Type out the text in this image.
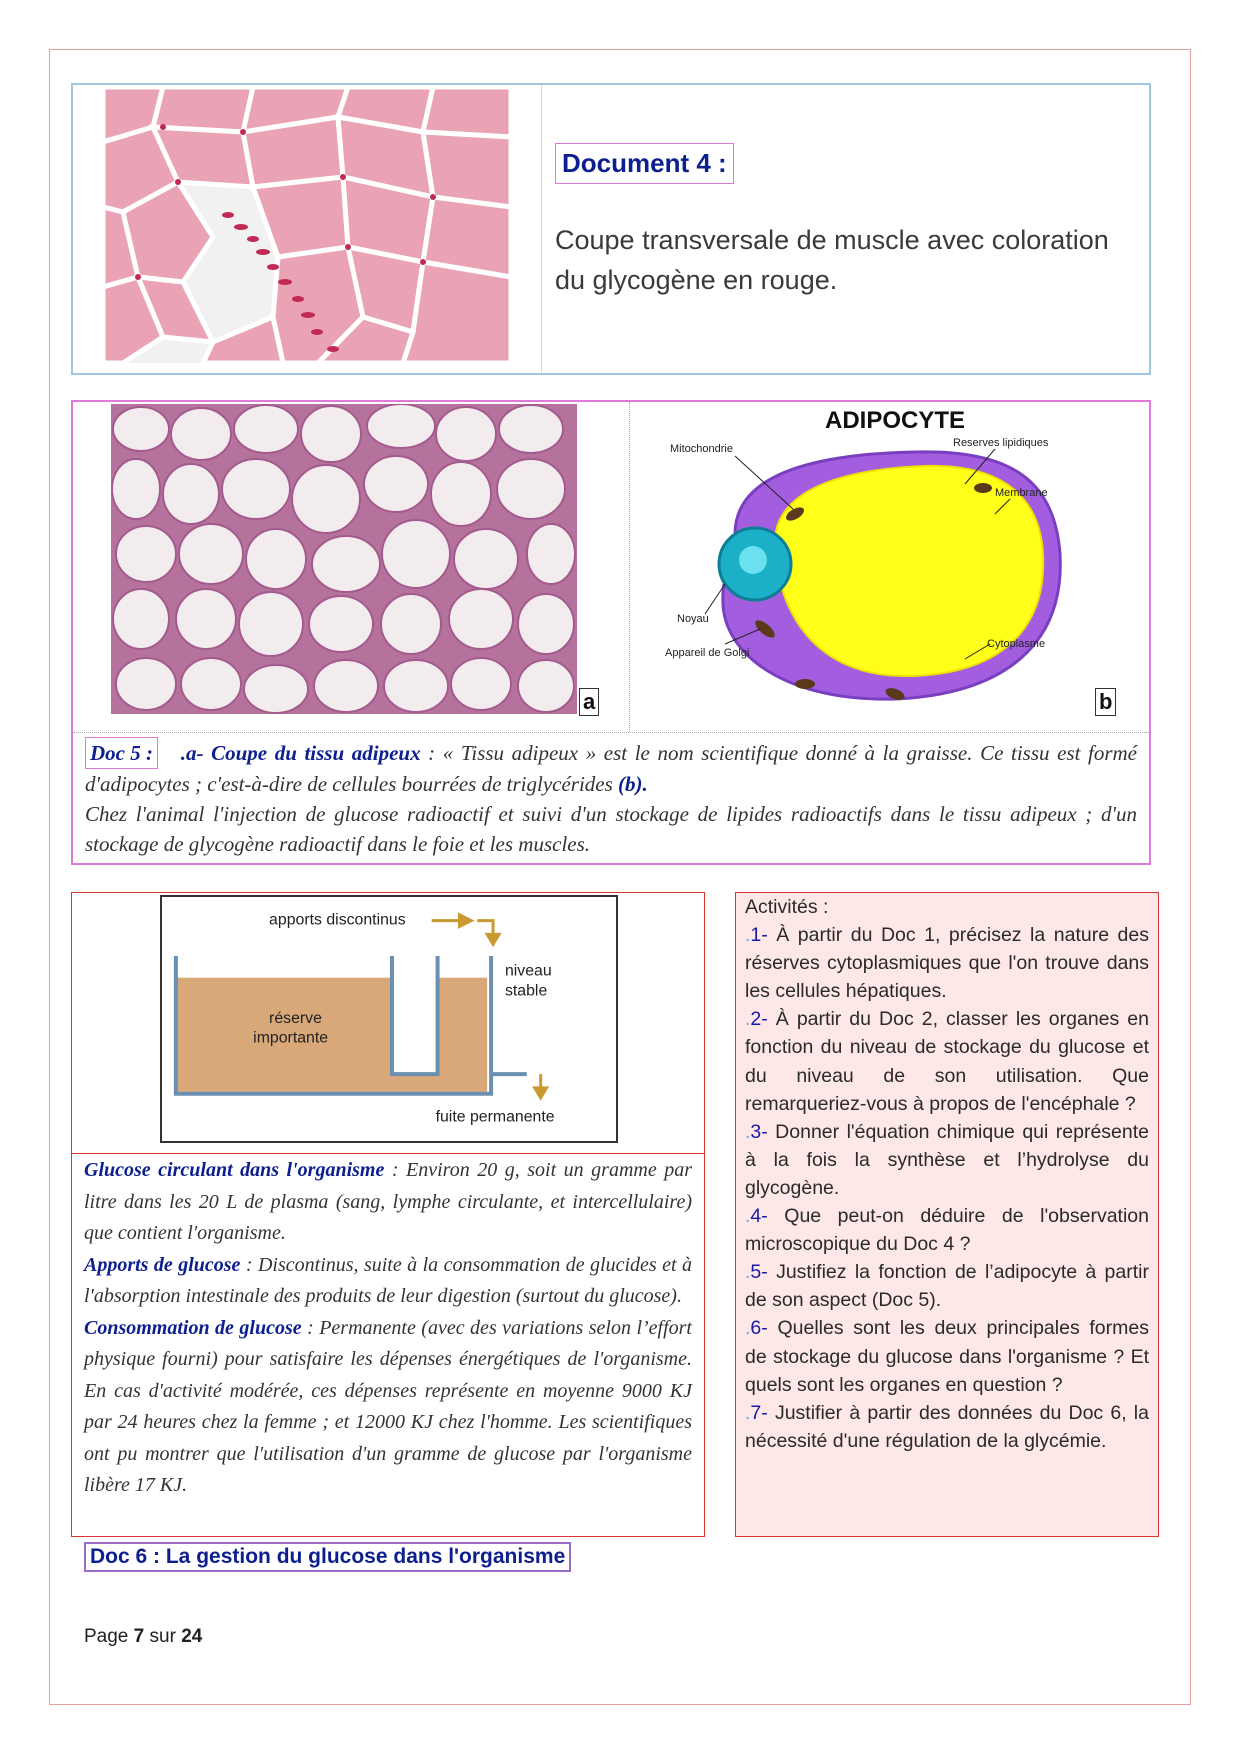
Document 4 :
Coupe transversale de muscle avec coloration du glycogène en rouge.
a
ADIPOCYTE
Mitochondrie	Reserves lipidiques
Membrane
Noyau
Appareil de Golgi
Cytoplasme
b
Doc 5 : .a- Coupe du tissu adipeux : « Tissu adipeux » est le nom scientifique donné à la graisse. Ce tissu est formé d'adipocytes ; c'est-à-dire de cellules bourrées de triglycérides (b).
Chez l'animal l'injection de glucose radioactif et suivi d'un stockage de lipides radioactifs dans le tissu adipeux ; d'un stockage de glycogène radioactif dans le foie et les muscles.
apports discontinus
niveau
stable
réserve
importante
fuite permanente
Glucose circulant dans l'organisme : Environ 20 g, soit un gramme par litre dans les 20 L de plasma (sang, lymphe circulante, et intercellulaire) que contient l'organisme.
Apports de glucose : Discontinus, suite à la consommation de glucides et à l'absorption intestinale des produits de leur digestion (surtout du glucose).
Consommation de glucose : Permanente (avec des variations selon l’effort physique fourni) pour satisfaire les dépenses énergétiques de l'organisme. En cas d'activité modérée, ces dépenses représente en moyenne 9000 KJ par 24 heures chez la femme ; et 12000 KJ chez l'homme. Les scientifiques ont pu montrer que l'utilisation d'un gramme de glucose par l'organisme libère 17 KJ.
Activités :
.1- À partir du Doc 1, précisez la nature des réserves cytoplasmiques que l'on trouve dans les cellules hépatiques.
.2- À partir du Doc 2, classer les organes en fonction du niveau de stockage du glucose et du niveau de son utilisation. Que remarqueriez-vous à propos de l'encéphale ?
.3- Donner l'équation chimique qui représente à la fois la synthèse et l’hydrolyse du glycogène.
.4- Que peut-on déduire de l'observation microscopique du Doc 4 ?
.5- Justifiez la fonction de l’adipocyte à partir de son aspect (Doc 5).
.6- Quelles sont les deux principales formes de stockage du glucose dans l'organisme ? Et quels sont les organes en question ?
.7- Justifier à partir des données du Doc 6, la nécessité d'une régulation de la glycémie.
Doc 6 : La gestion du glucose dans l'organisme
Page 7 sur 24
